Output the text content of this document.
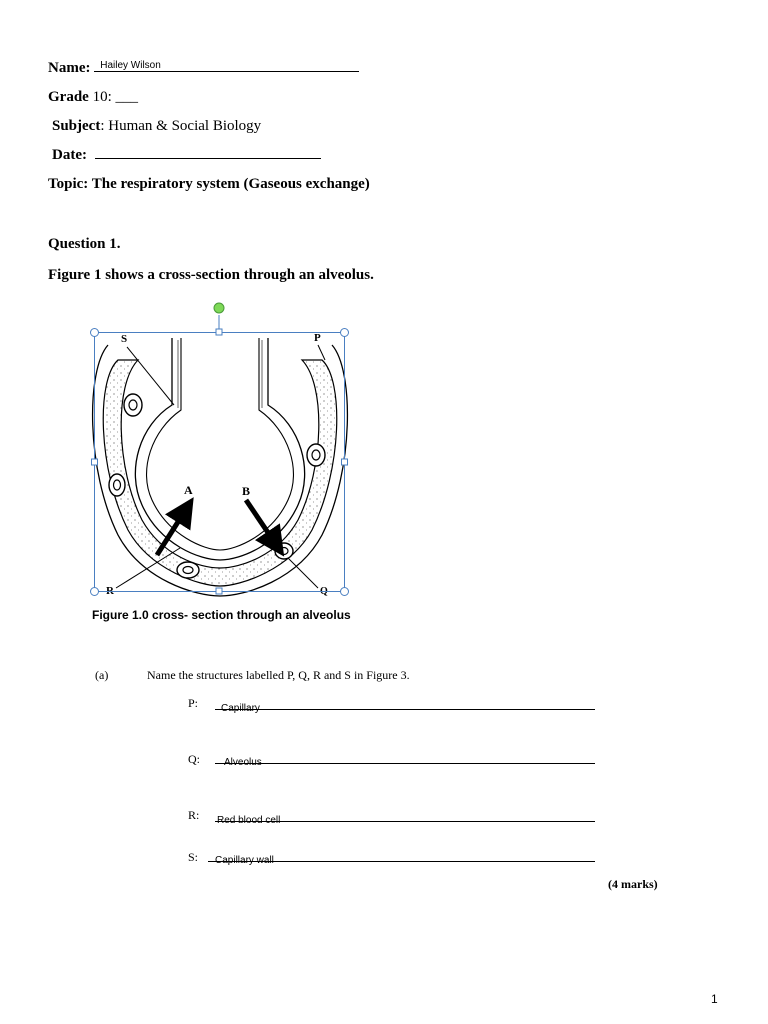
Name: Hailey Wilson
Grade 10: ___
Subject: Human & Social Biology
Date:
Topic: The respiratory system (Gaseous exchange)
Question 1.
Figure 1 shows a cross-section through an alveolus.
S	P
A	B
R	Q
Figure 1.0 cross- section through an alveolus
(a)	Name the structures labelled P, Q, R and S in Figure 3.
P:	Capillary
Q:	Alveolus
R: Red blood cell
S:	Capillary wall
(4 marks)
1
